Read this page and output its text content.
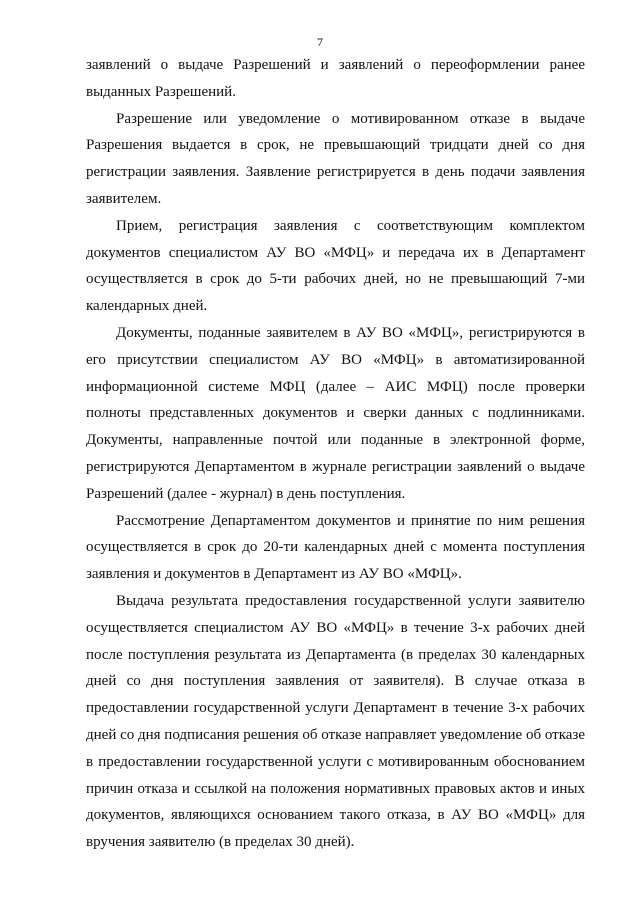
7

заявлений о выдаче Разрешений и заявлений о переоформлении ранее выданных Разрешений.

Разрешение или уведомление о мотивированном отказе в выдаче Разрешения выдается в срок, не превышающий тридцати дней со дня регистрации заявления. Заявление регистрируется в день подачи заявления заявителем.

Прием, регистрация заявления с соответствующим комплектом документов специалистом АУ ВО «МФЦ» и передача их в Департамент осуществляется в срок до 5-ти рабочих дней, но не превышающий 7-ми календарных дней.

Документы, поданные заявителем в АУ ВО «МФЦ», регистрируются в его присутствии специалистом АУ ВО «МФЦ» в автоматизированной информационной системе МФЦ (далее – АИС МФЦ) после проверки полноты представленных документов и сверки данных с подлинниками. Документы, направленные почтой или поданные в электронной форме, регистрируются Департаментом в журнале регистрации заявлений о выдаче Разрешений (далее - журнал) в день поступления.

Рассмотрение Департаментом документов и принятие по ним решения осуществляется в срок до 20-ти календарных дней с момента поступления заявления и документов в Департамент из АУ ВО «МФЦ».

Выдача результата предоставления государственной услуги заявителю осуществляется специалистом АУ ВО «МФЦ» в течение 3-х рабочих дней после поступления результата из Департамента (в пределах 30 календарных дней со дня поступления заявления от заявителя). В случае отказа в предоставлении государственной услуги Департамент в течение 3-х рабочих дней со дня подписания решения об отказе направляет уведомление об отказе в предоставлении государственной услуги с мотивированным обоснованием причин отказа и ссылкой на положения нормативных правовых актов и иных документов, являющихся основанием такого отказа, в АУ ВО «МФЦ» для вручения заявителю (в пределах 30 дней).
